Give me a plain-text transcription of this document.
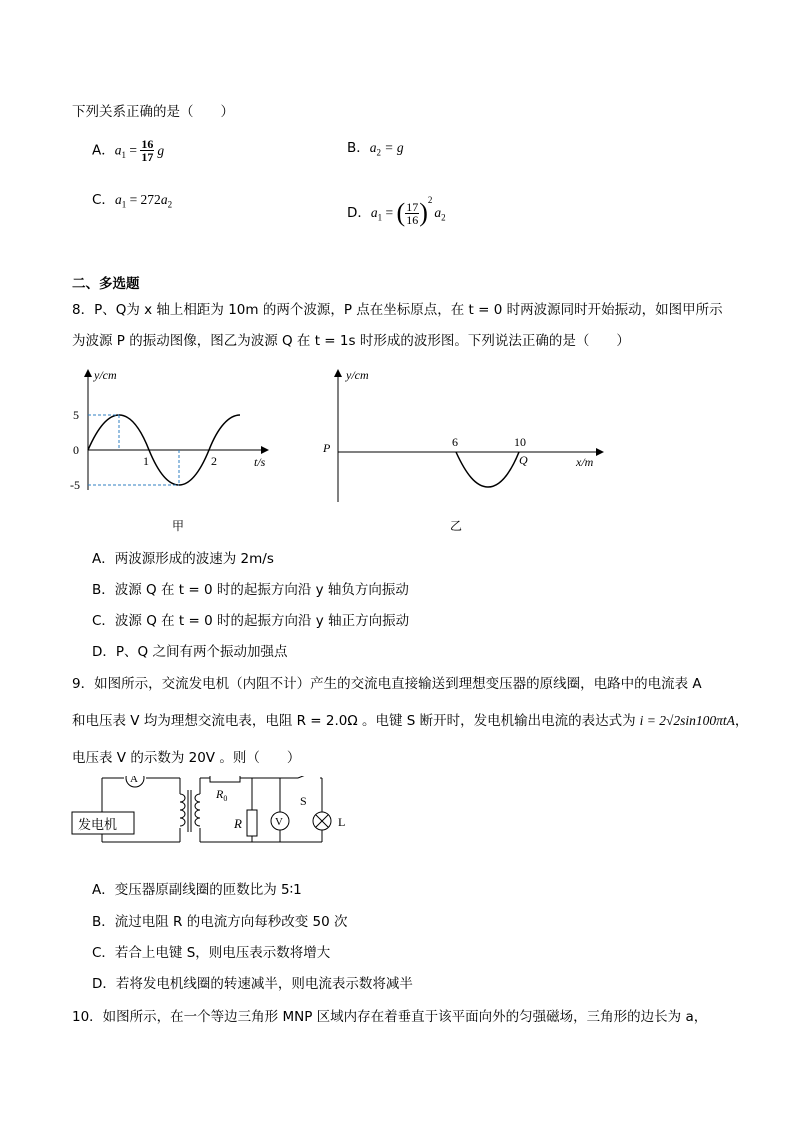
下列关系正确的是（　　）
A．$a_1 = \frac{16}{17}$ g	B．$a_2 = g$
C．$a_1 = 272a_2$
D．$a_1$ = ( $\frac{17}{16} )^2a_2$
二、多选题
8．P、Q为 x 轴上相距为 10m 的两个波源，P 点在坐标原点，在 t = 0 时两波源同时开始振动，如图甲所示
为波源 P 的振动图像，图乙为波源 Q 在 t = 1s 时形成的波形图。下列说法正确的是（　　）
y/cm
5
0
-5
1	2	t/s
甲
y/cm
P	6	10
Q	x/m
乙
A．两波源形成的波速为 2m/s
B．波源 Q 在 t = 0 时的起振方向沿 y 轴负方向振动
C．波源 Q 在 t = 0 时的起振方向沿 y 轴正方向振动
D．P、Q 之间有两个振动加强点
9．如图所示，交流发电机（内阻不计）产生的交流电直接输送到理想变压器的原线圈，电路中的电流表 A
和电压表 V 均为理想交流电表，电阻 R = 2.0Ω 。电键 S 断开时，发电机输出电流的表达式为 i = 2√2sin100πtA，
电压表 V 的示数为 20V 。则（　　）
A
发电机	V
$R_0$
R
S
L
A．变压器原副线圈的匝数比为 5∶1
B．流过电阻 R 的电流方向每秒改变 50 次
C．若合上电键 S，则电压表示数将增大
D．若将发电机线圈的转速减半，则电流表示数将减半
10．如图所示，在一个等边三角形 MNP 区域内存在着垂直于该平面向外的匀强磁场，三角形的边长为 a，
